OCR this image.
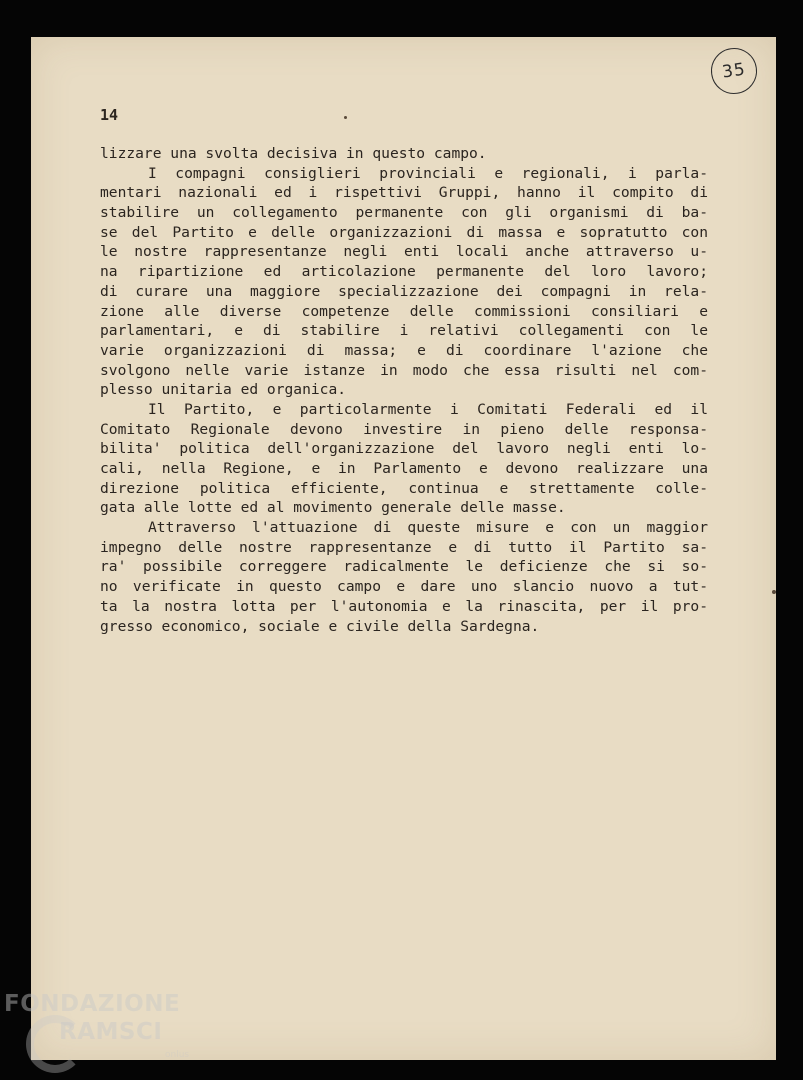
14
35
lizzare una svolta decisiva in questo campo.
I compagni consiglieri provinciali e regionali, i parla-
mentari nazionali ed i rispettivi Gruppi, hanno il compito di
stabilire un collegamento permanente con gli organismi di ba-
se del Partito e delle organizzazioni di massa e sopratutto con
le nostre rappresentanze negli enti locali anche attraverso u-
na ripartizione ed articolazione permanente del loro lavoro;
di curare una maggiore specializzazione dei compagni in rela-
zione alle diverse competenze delle commissioni consiliari e
parlamentari, e di stabilire i relativi collegamenti con le
varie organizzazioni di massa; e di coordinare l'azione che
svolgono nelle varie istanze in modo che essa risulti nel com-
plesso unitaria ed organica.
Il Partito, e particolarmente i Comitati Federali ed il
Comitato Regionale devono investire in pieno delle responsa-
bilita' politica dell'organizzazione del lavoro negli enti lo-
cali, nella Regione, e in Parlamento e devono realizzare una
direzione politica efficiente, continua e strettamente colle-
gata alle lotte ed al movimento generale delle masse.
Attraverso l'attuazione di queste misure e con un maggior
impegno delle nostre rappresentanze e di tutto il Partito sa-
ra' possibile correggere radicalmente le deficienze che si so-
no verificate in questo campo e dare uno slancio nuovo a tut-
ta la nostra lotta per l'autonomia e la rinascita, per il pro-
gresso economico, sociale e civile della Sardegna.
FONDAZIONE
RAMSCI
onlus
